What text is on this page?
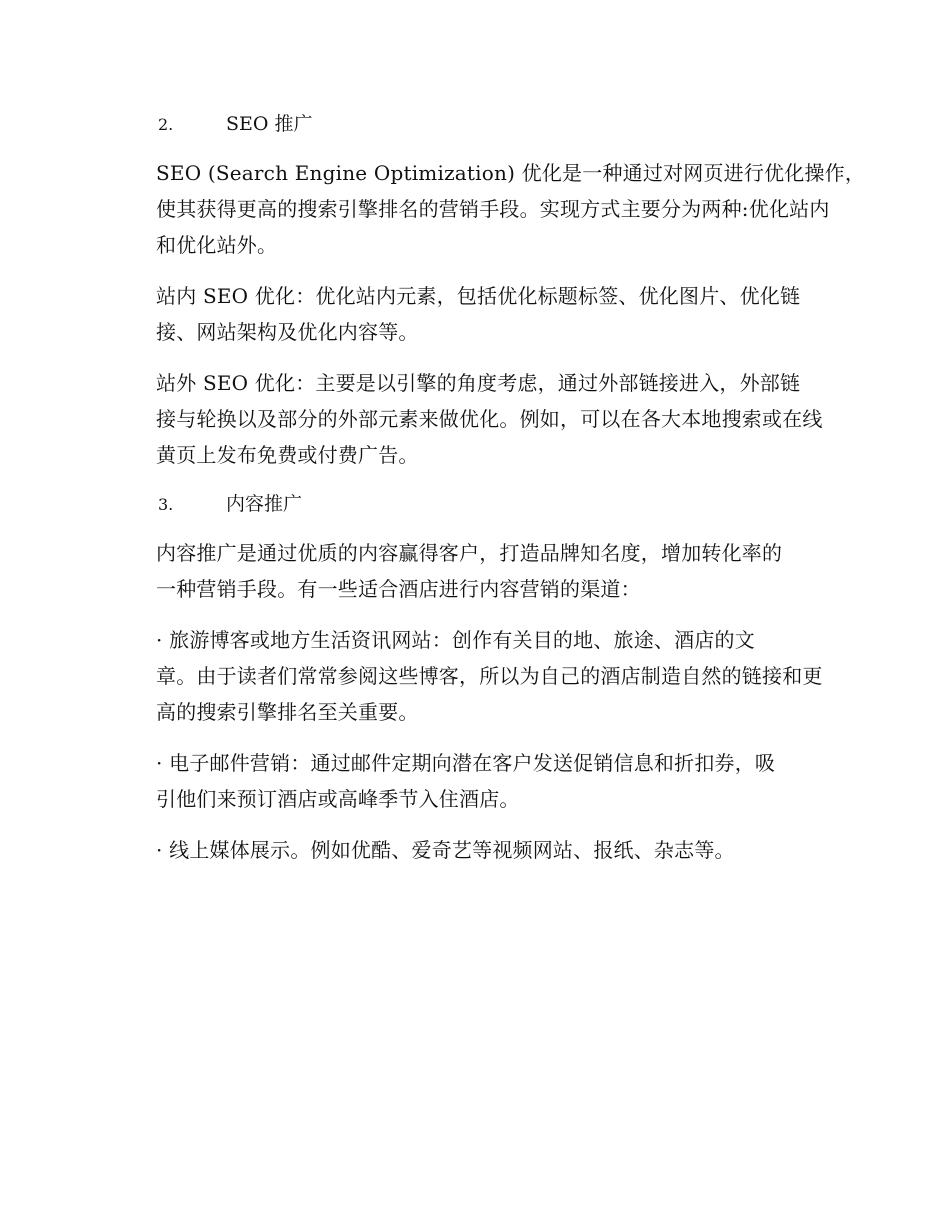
2.	SEO 推广

SEO (Search Engine Optimization) 优化是一种通过对网页进行优化操作，
使其获得更高的搜索引擎排名的营销手段。实现方式主要分为两种:优化站内
和优化站外。

站内 SEO 优化：优化站内元素，包括优化标题标签、优化图片、优化链
接、网站架构及优化内容等。

站外 SEO 优化：主要是以引擎的角度考虑，通过外部链接进入，外部链
接与轮换以及部分的外部元素来做优化。例如，可以在各大本地搜索或在线
黄页上发布免费或付费广告。

3.	内容推广

内容推广是通过优质的内容赢得客户，打造品牌知名度，增加转化率的
一种营销手段。有一些适合酒店进行内容营销的渠道：

· 旅游博客或地方生活资讯网站：创作有关目的地、旅途、酒店的文
章。由于读者们常常参阅这些博客，所以为自己的酒店制造自然的链接和更
高的搜索引擎排名至关重要。

· 电子邮件营销：通过邮件定期向潜在客户发送促销信息和折扣券，吸
引他们来预订酒店或高峰季节入住酒店。

· 线上媒体展示。例如优酷、爱奇艺等视频网站、报纸、杂志等。
